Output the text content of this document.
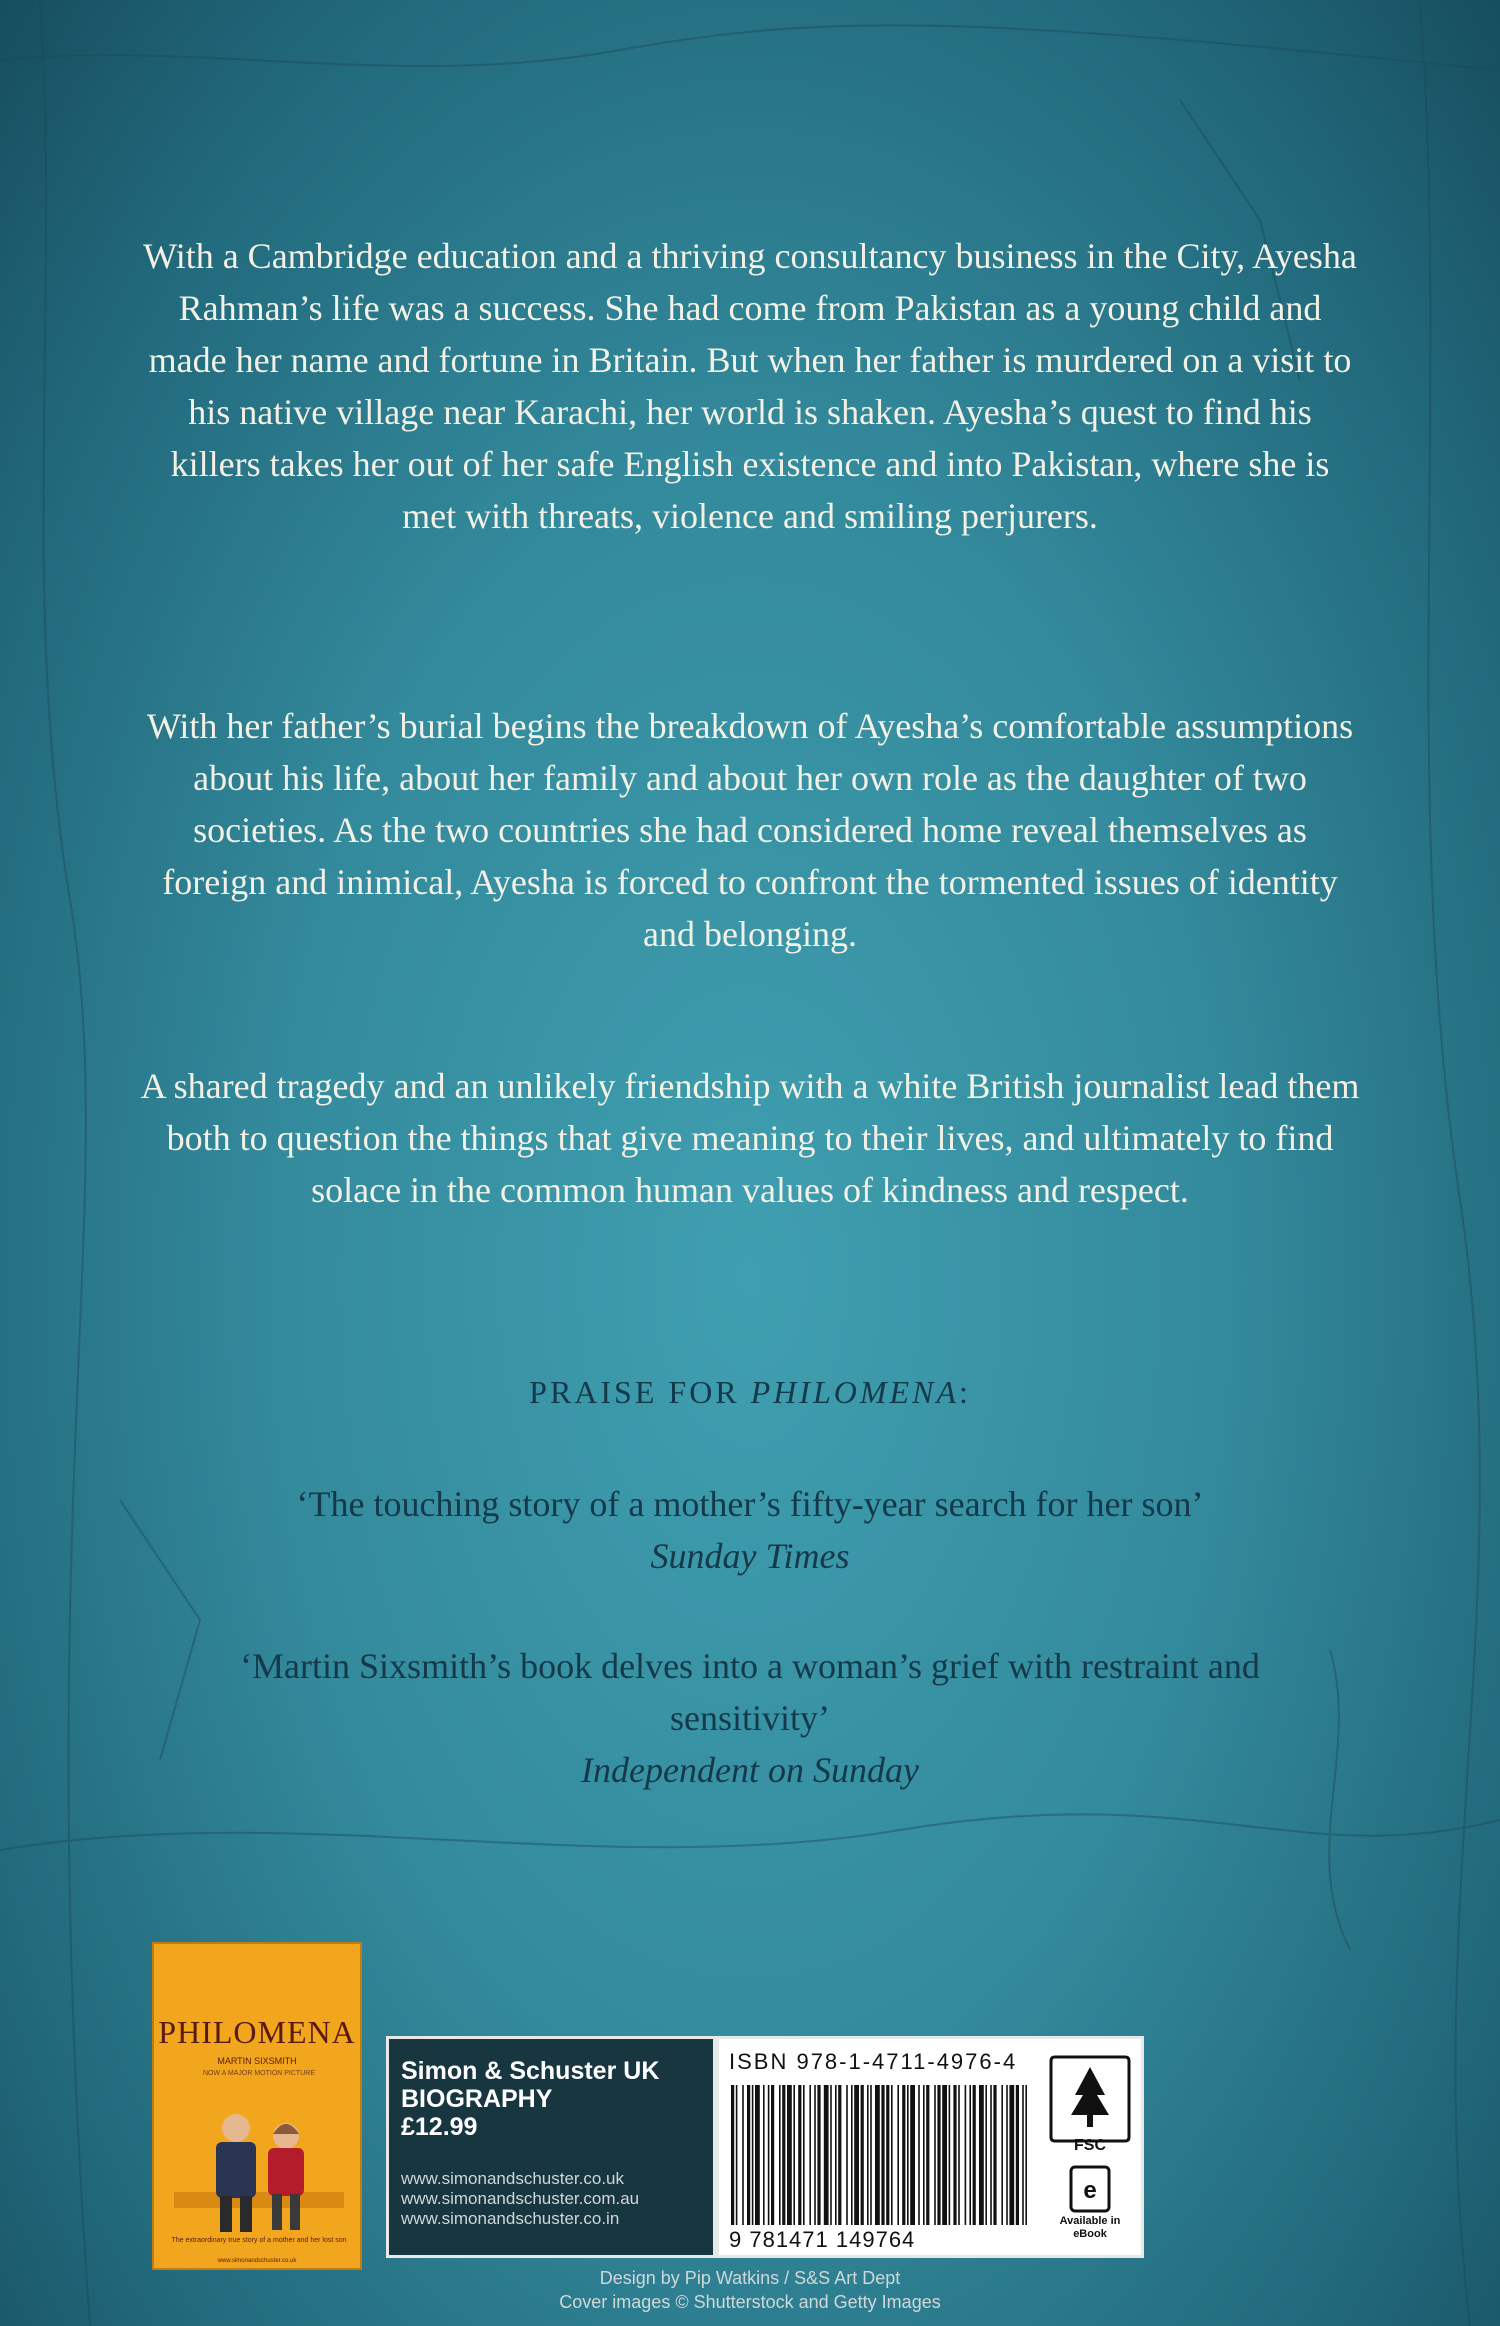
With a Cambridge education and a thriving consultancy business in the City, Ayesha Rahman’s life was a success. She had come from Pakistan as a young child and made her name and fortune in Britain. But when her father is murdered on a visit to his native village near Karachi, her world is shaken. Ayesha’s quest to find his killers takes her out of her safe English existence and into Pakistan, where she is met with threats, violence and smiling perjurers.

With her father’s burial begins the breakdown of Ayesha’s comfortable assumptions about his life, about her family and about her own role as the daughter of two societies. As the two countries she had considered home reveal themselves as foreign and inimical, Ayesha is forced to confront the tormented issues of identity and belonging.

A shared tragedy and an unlikely friendship with a white British journalist lead them both to question the things that give meaning to their lives, and ultimately to find solace in the common human values of kindness and respect.

PRAISE FOR PHILOMENA:

‘The touching story of a mother’s fifty-year search for her son’
Sunday Times

‘Martin Sixsmith’s book delves into a woman’s grief with restraint and sensitivity’
Independent on Sunday

PHILOMENA
MARTIN SIXSMITH
NOW A MAJOR MOTION PICTURE
The extraordinary true story of a mother and her lost son
www.simonandschuster.co.uk
Simon & Schuster UK
BIOGRAPHY
£12.99
www.simonandschuster.co.uk
www.simonandschuster.com.au
www.simonandschuster.co.in
ISBN 978-1-4711-4976-4
9 781471 149764
FSC
e
Available in eBook
Design by Pip Watkins / S&S Art Dept
Cover images © Shutterstock and Getty Images
